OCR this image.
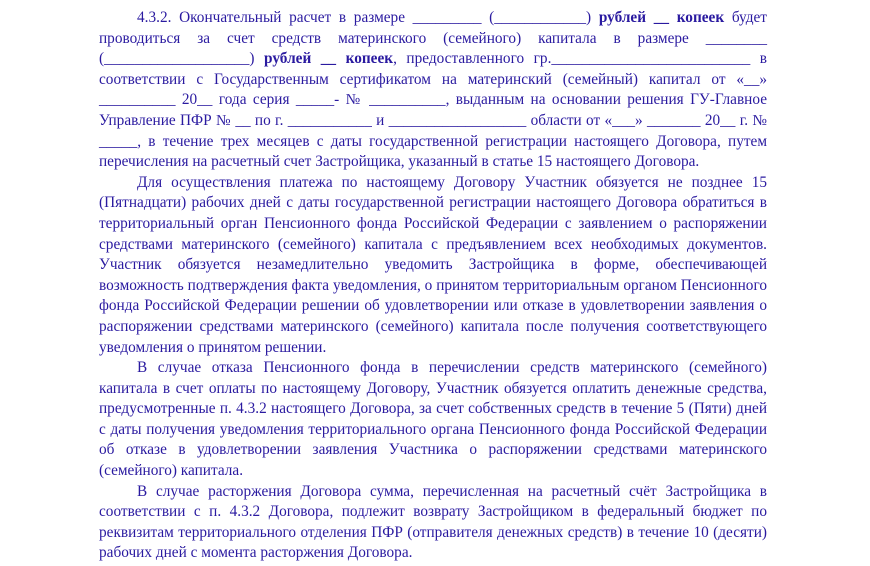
4.3.2. Окончательный расчет в размере _________ (____________) рублей __ копеек будет проводиться за счет средств материнского (семейного) капитала в размере ________ (___________________) рублей __ копеек, предоставленного гр.__________________________ в соответствии с Государственным сертификатом на материнский (семейный) капитал от «__» __________ 20__ года серия _____- № __________, выданным на основании решения ГУ-Главное Управление ПФР № __ по г. ___________ и __________________ области от «___» _______ 20__ г. № _____, в течение трех месяцев с даты государственной регистрации настоящего Договора, путем перечисления на расчетный счет Застройщика, указанный в статье 15 настоящего Договора.

Для осуществления платежа по настоящему Договору Участник обязуется не позднее 15 (Пятнадцати) рабочих дней с даты государственной регистрации настоящего Договора обратиться в территориальный орган Пенсионного фонда Российской Федерации с заявлением о распоряжении средствами материнского (семейного) капитала с предъявлением всех необходимых документов. Участник обязуется незамедлительно уведомить Застройщика в форме, обеспечивающей возможность подтверждения факта уведомления, о принятом территориальным органом Пенсионного фонда Российской Федерации решении об удовлетворении или отказе в удовлетворении заявления о распоряжении средствами материнского (семейного) капитала после получения соответствующего уведомления о принятом решении.

В случае отказа Пенсионного фонда в перечислении средств материнского (семейного) капитала в счет оплаты по настоящему Договору, Участник обязуется оплатить денежные средства, предусмотренные п. 4.3.2 настоящего Договора, за счет собственных средств в течение 5 (Пяти) дней с даты получения уведомления территориального органа Пенсионного фонда Российской Федерации об отказе в удовлетворении заявления Участника о распоряжении средствами материнского (семейного) капитала.

В случае расторжения Договора сумма, перечисленная на расчетный счёт Застройщика в соответствии с п. 4.3.2 Договора, подлежит возврату Застройщиком в федеральный бюджет по реквизитам территориального отделения ПФР (отправителя денежных средств) в течение 10 (десяти) рабочих дней с момента расторжения Договора.
